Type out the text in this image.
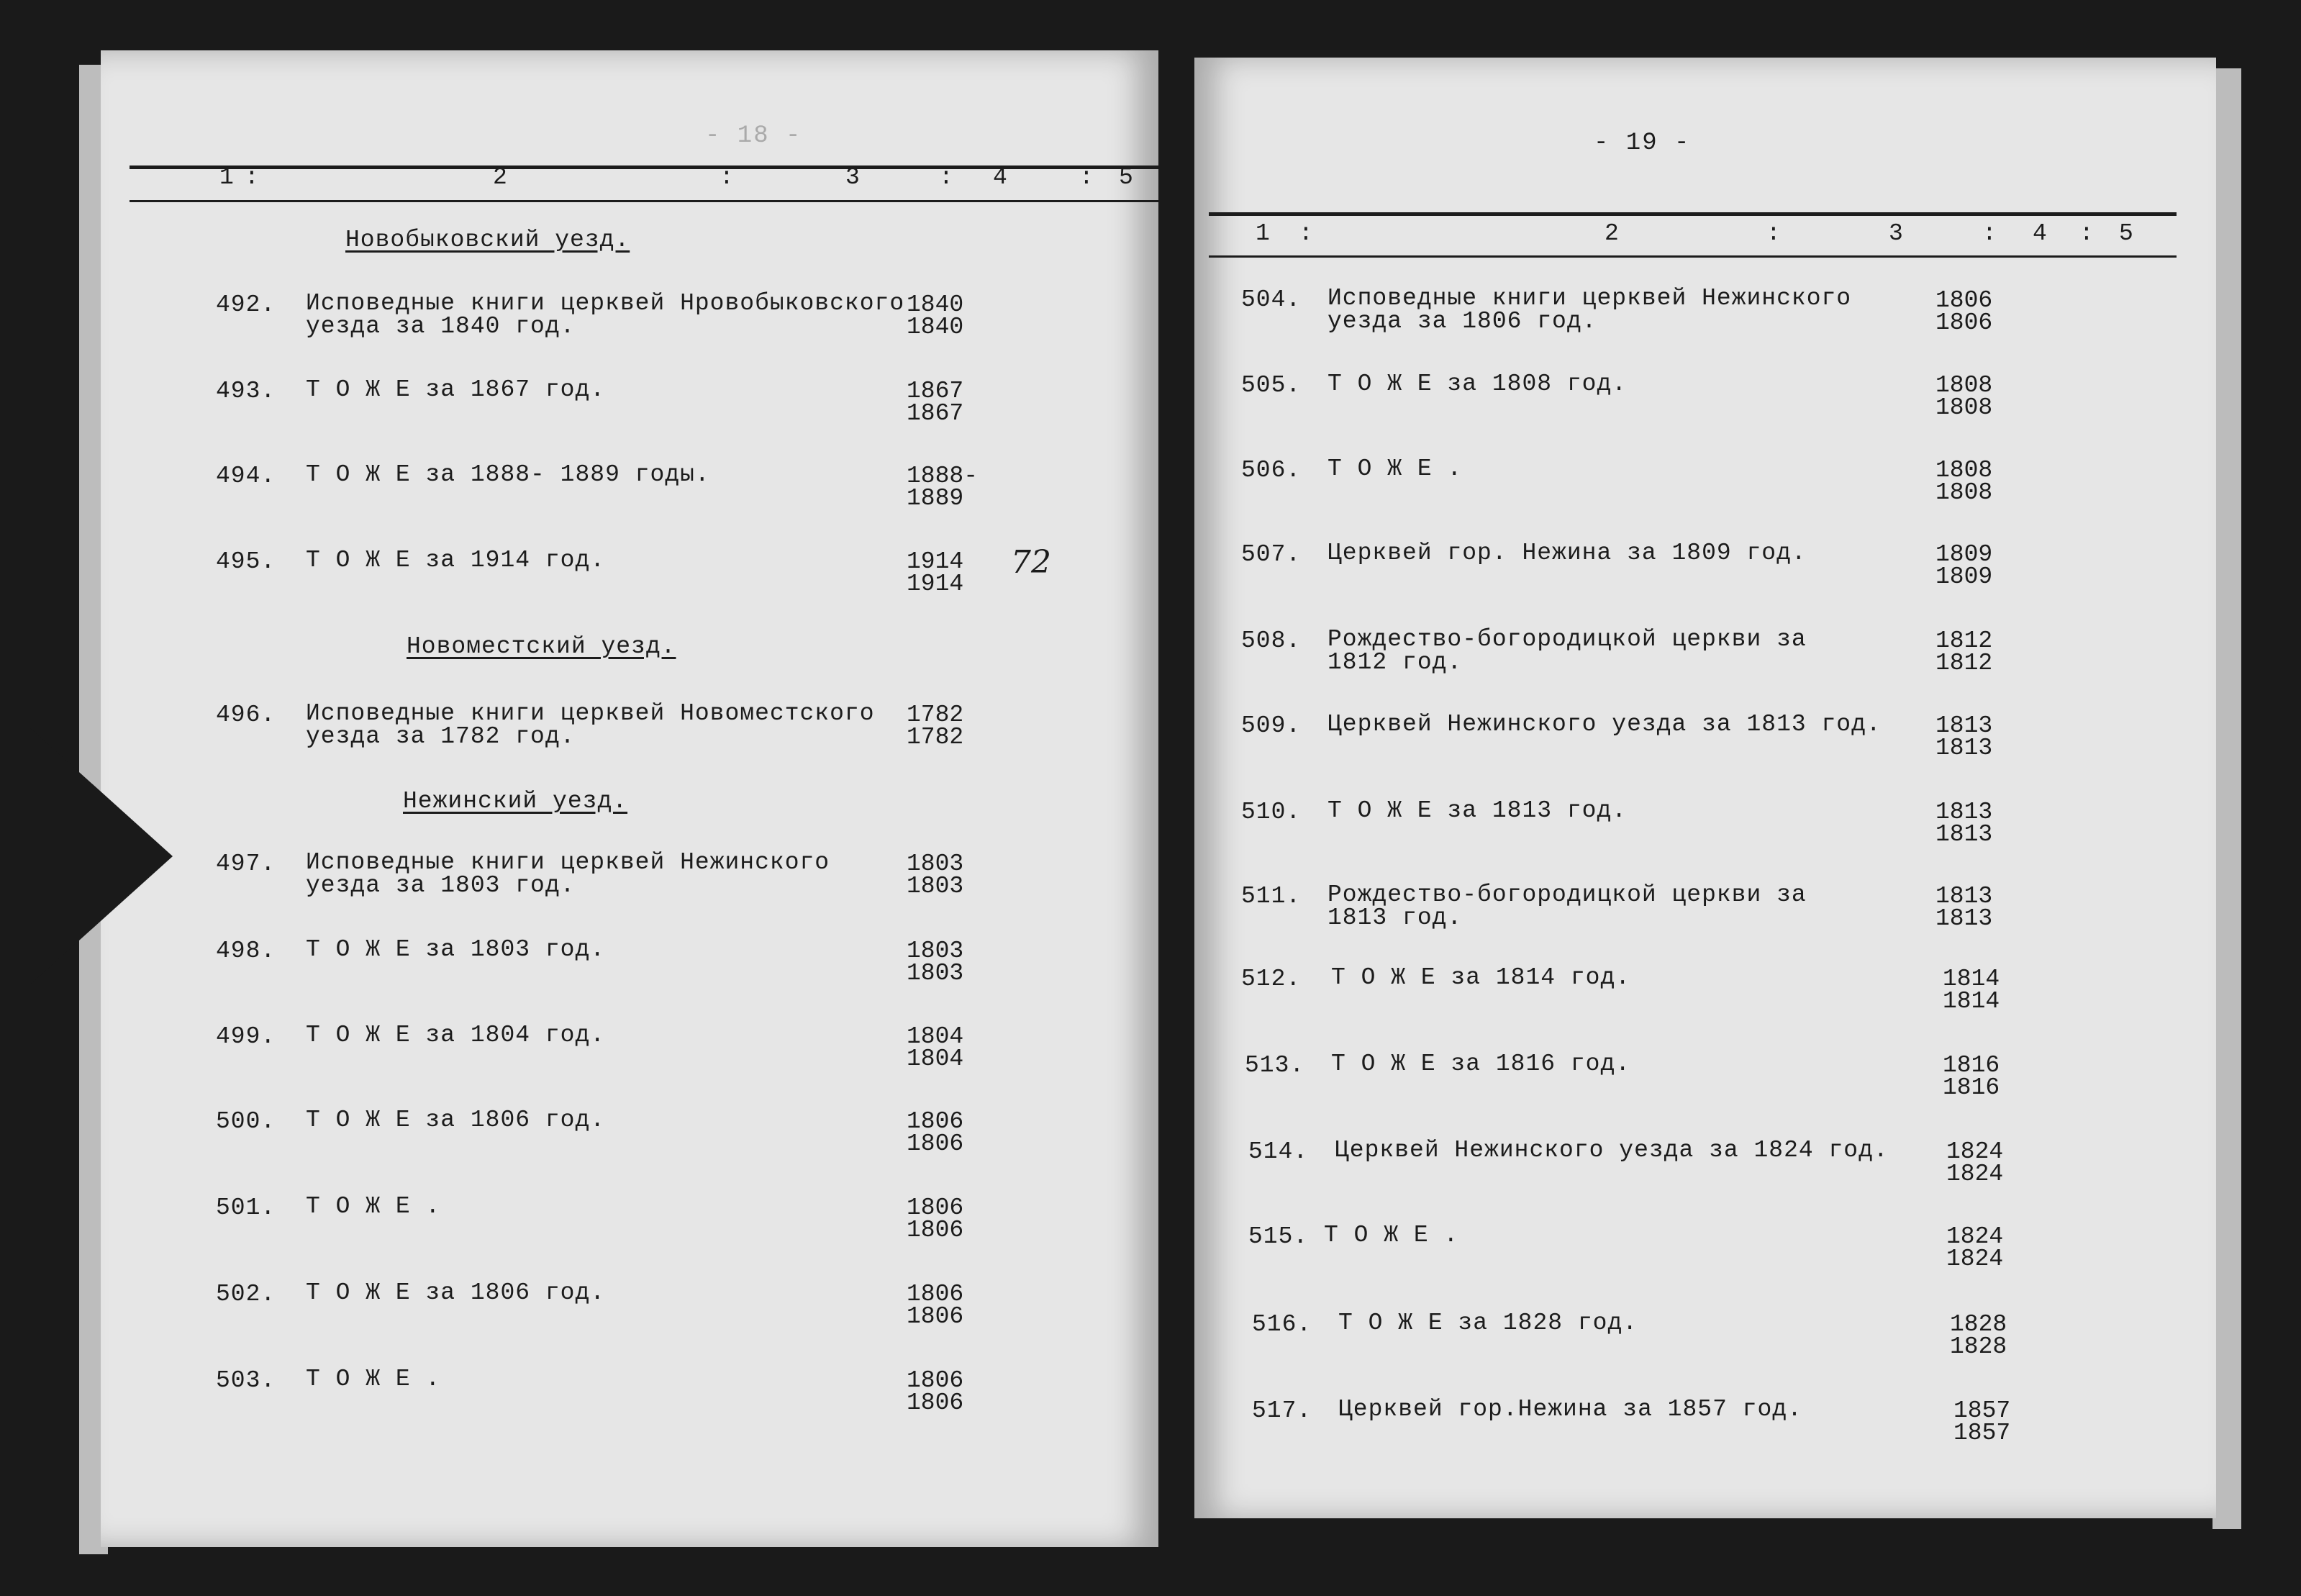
- 18 -
1 :	2	:	3	: 4	: 5
Новобыковский уезд.
492. Исповедные книги церквей Нровобыковского
уезда за 1840 год.
1840
1840
493. Т О Ж Е за 1867 год.	1867
1867
494. Т О Ж Е за 1888- 1889 годы.	1888-
1889
495. Т О Ж Е за 1914 год.	1914
1914
72
Новоместский уезд.
496. Исповедные книги церквей Новоместского
уезда за 1782 год.
1782
1782
Нежинский уезд.
497. Исповедные книги церквей Нежинского
уезда за 1803 год.
1803
1803
498. Т О Ж Е за 1803 год.	1803
1803
499. Т О Ж Е за 1804 год.	1804
1804
500. Т О Ж Е за 1806 год.	1806
1806
501. Т О Ж Е .	1806
1806
502. Т О Ж Е за 1806 год.	1806
1806
503. Т О Ж Е .	1806
1806
- 19 -
1 :	2	:	3	: 4 : 5
504. Исповедные книги церквей Нежинского
уезда за 1806 год.
1806
1806
505. Т О Ж Е за 1808 год.	1808
1808
506. Т О Ж Е .	1808
1808
507. Церквей гор. Нежина за 1809 год.	1809
1809
508. Рождество-богородицкой церкви за
1812 год.
1812
1812
509. Церквей Нежинского уезда за 1813 год. 1813
1813
510. Т О Ж Е за 1813 год.	1813
1813
511. Рождество-богородицкой церкви за
1813 год.
1813
1813
512. Т О Ж Е за 1814 год.	1814
1814
513. Т О Ж Е за 1816 год.	1816
1816
514. Церквей Нежинского уезда за 1824 год. 1824
1824
515. Т О Ж Е .	1824
1824
516. Т О Ж Е за 1828 год.	1828
1828
517. Церквей гор.Нежина за 1857 год.	1857
1857
